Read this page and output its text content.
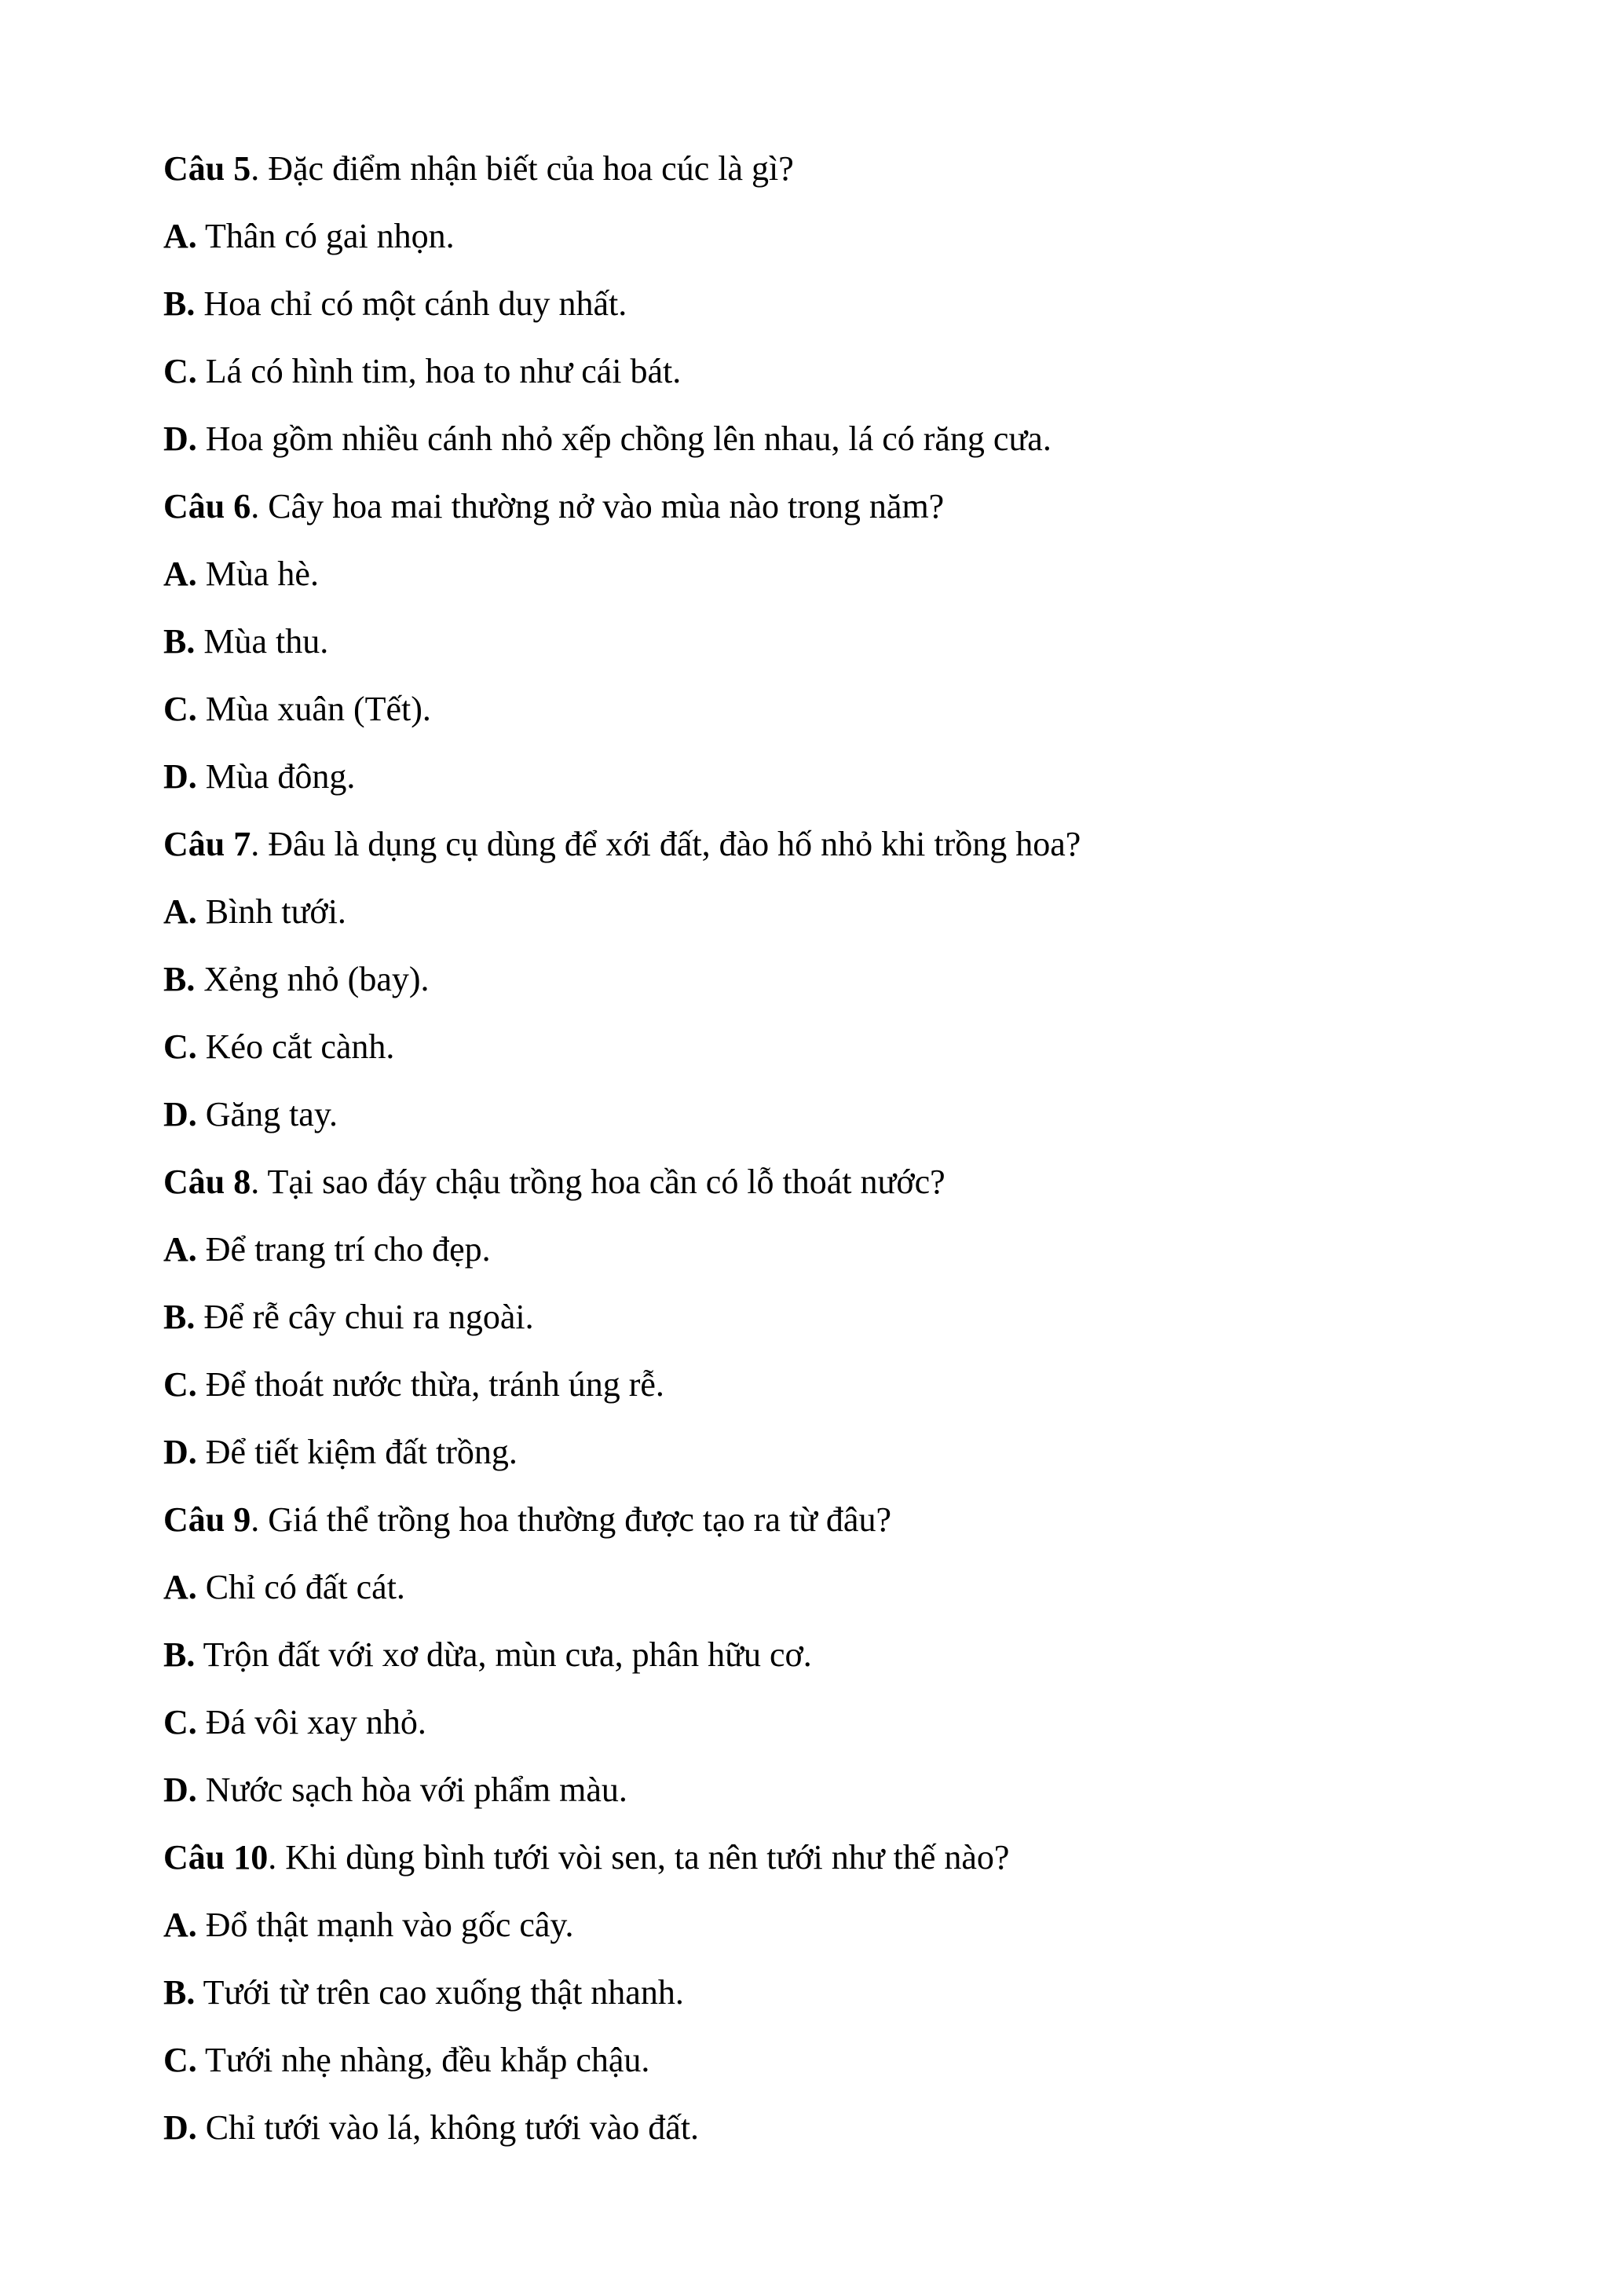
Câu 5. Đặc điểm nhận biết của hoa cúc là gì?

A. Thân có gai nhọn.

B. Hoa chỉ có một cánh duy nhất.

C. Lá có hình tim, hoa to như cái bát.

D. Hoa gồm nhiều cánh nhỏ xếp chồng lên nhau, lá có răng cưa.

Câu 6. Cây hoa mai thường nở vào mùa nào trong năm?

A. Mùa hè.

B. Mùa thu.

C. Mùa xuân (Tết).

D. Mùa đông.

Câu 7. Đâu là dụng cụ dùng để xới đất, đào hố nhỏ khi trồng hoa?

A. Bình tưới.

B. Xẻng nhỏ (bay).

C. Kéo cắt cành.

D. Găng tay.

Câu 8. Tại sao đáy chậu trồng hoa cần có lỗ thoát nước?

A. Để trang trí cho đẹp.

B. Để rễ cây chui ra ngoài.

C. Để thoát nước thừa, tránh úng rễ.

D. Để tiết kiệm đất trồng.

Câu 9. Giá thể trồng hoa thường được tạo ra từ đâu?

A. Chỉ có đất cát.

B. Trộn đất với xơ dừa, mùn cưa, phân hữu cơ.

C. Đá vôi xay nhỏ.

D. Nước sạch hòa với phẩm màu.

Câu 10. Khi dùng bình tưới vòi sen, ta nên tưới như thế nào?

A. Đổ thật mạnh vào gốc cây.

B. Tưới từ trên cao xuống thật nhanh.

C. Tưới nhẹ nhàng, đều khắp chậu.

D. Chỉ tưới vào lá, không tưới vào đất.
